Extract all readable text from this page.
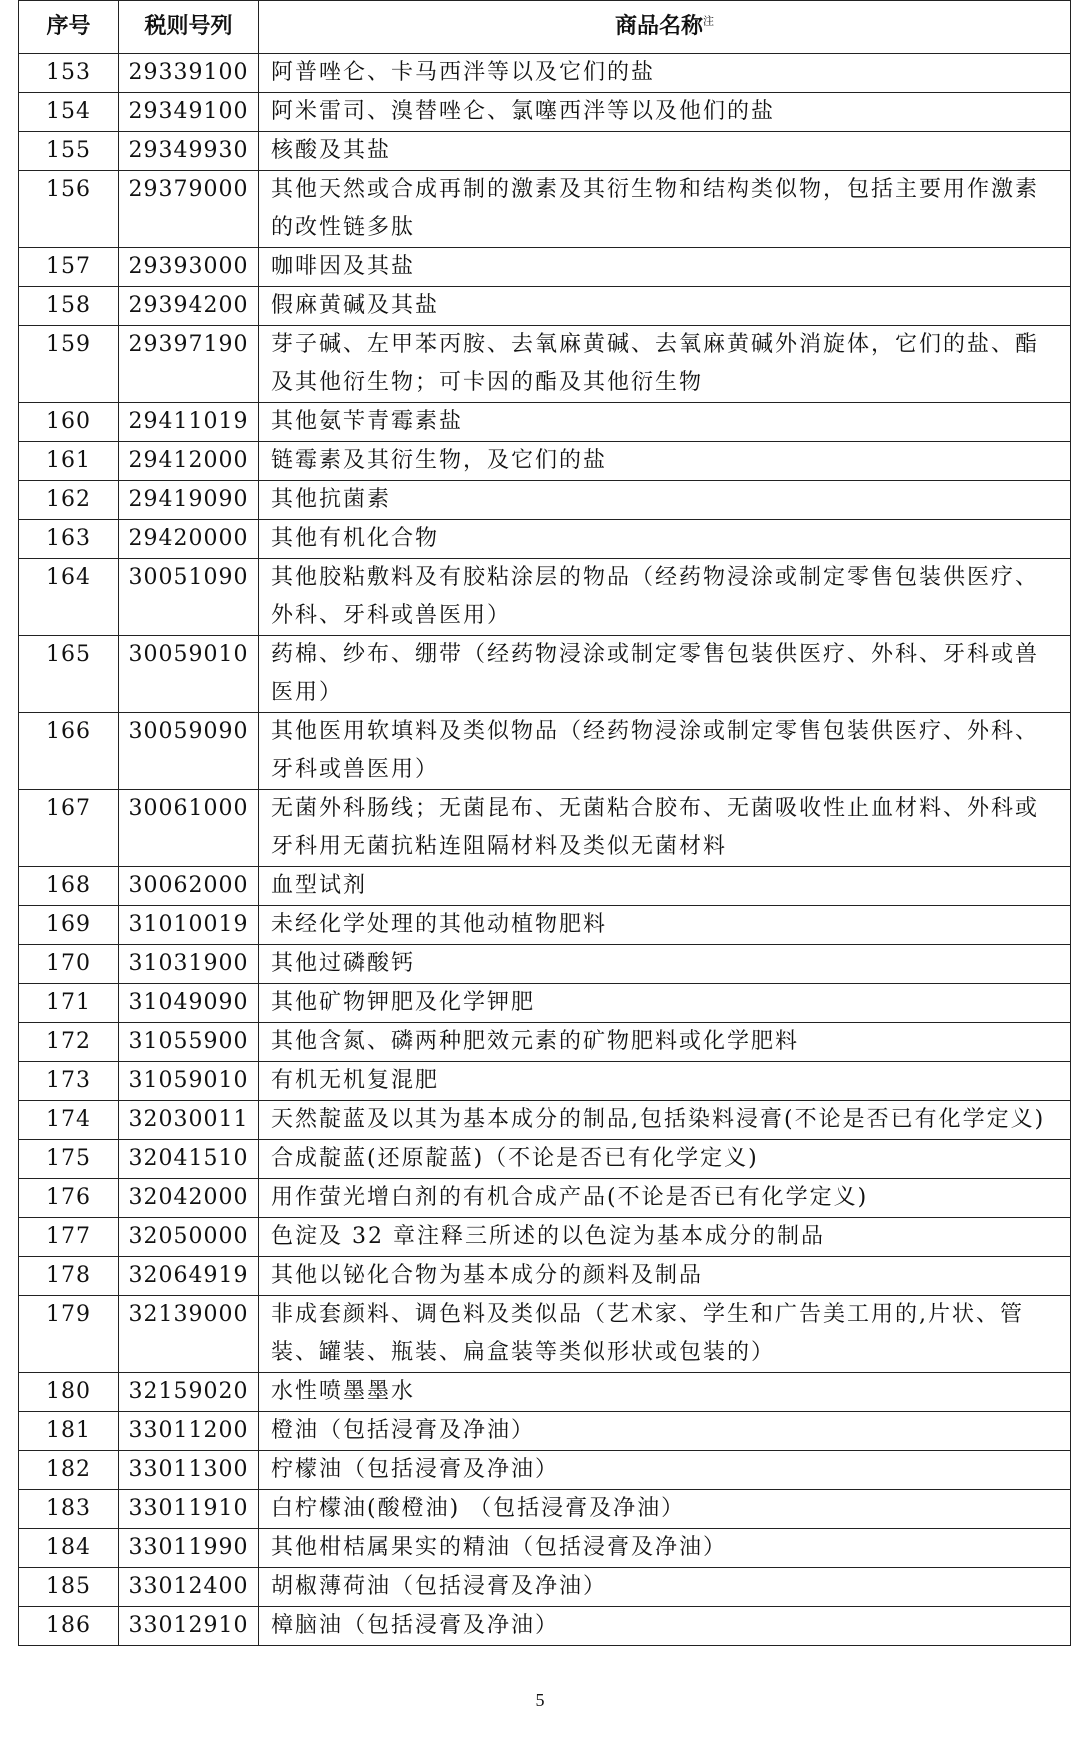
序号	税则号列	商品名称$^注$
153	29339100	阿普唑仑、卡马西泮等以及它们的盐
154	29349100	阿米雷司、溴替唑仑、氯噻西泮等以及他们的盐
155	29349930	核酸及其盐
156	29379000	其他天然或合成再制的激素及其衍生物和结构类似物，包括主要用作激素的改性链多肽
157	29393000	咖啡因及其盐
158	29394200	假麻黄碱及其盐
159	29397190	芽子碱、左甲苯丙胺、去氧麻黄碱、去氧麻黄碱外消旋体，它们的盐、酯及其他衍生物；可卡因的酯及其他衍生物
160	29411019	其他氨苄青霉素盐
161	29412000	链霉素及其衍生物，及它们的盐
162	29419090	其他抗菌素
163	29420000	其他有机化合物
164	30051090	其他胶粘敷料及有胶粘涂层的物品（经药物浸涂或制定零售包装供医疗、外科、牙科或兽医用）
165	30059010	药棉、纱布、绷带（经药物浸涂或制定零售包装供医疗、外科、牙科或兽医用）
166	30059090	其他医用软填料及类似物品（经药物浸涂或制定零售包装供医疗、外科、牙科或兽医用）
167	30061000	无菌外科肠线；无菌昆布、无菌粘合胶布、无菌吸收性止血材料、外科或牙科用无菌抗粘连阻隔材料及类似无菌材料
168	30062000	血型试剂
169	31010019	未经化学处理的其他动植物肥料
170	31031900	其他过磷酸钙
171	31049090	其他矿物钾肥及化学钾肥
172	31055900	其他含氮、磷两种肥效元素的矿物肥料或化学肥料
173	31059010	有机无机复混肥
174	32030011	天然靛蓝及以其为基本成分的制品,包括染料浸膏(不论是否已有化学定义)
175	32041510	合成靛蓝(还原靛蓝)（不论是否已有化学定义)
176	32042000	用作萤光增白剂的有机合成产品(不论是否已有化学定义)
177	32050000	色淀及 32 章注释三所述的以色淀为基本成分的制品
178	32064919	其他以铋化合物为基本成分的颜料及制品
179	32139000	非成套颜料、调色料及类似品（艺术家、学生和广告美工用的,片状、管装、罐装、瓶装、扁盒装等类似形状或包装的）
180	32159020	水性喷墨墨水
181	33011200	橙油（包括浸膏及净油）
182	33011300	柠檬油（包括浸膏及净油）
183	33011910	白柠檬油(酸橙油) （包括浸膏及净油）
184	33011990	其他柑桔属果实的精油（包括浸膏及净油）
185	33012400	胡椒薄荷油（包括浸膏及净油）
186	33012910	樟脑油（包括浸膏及净油）
5
